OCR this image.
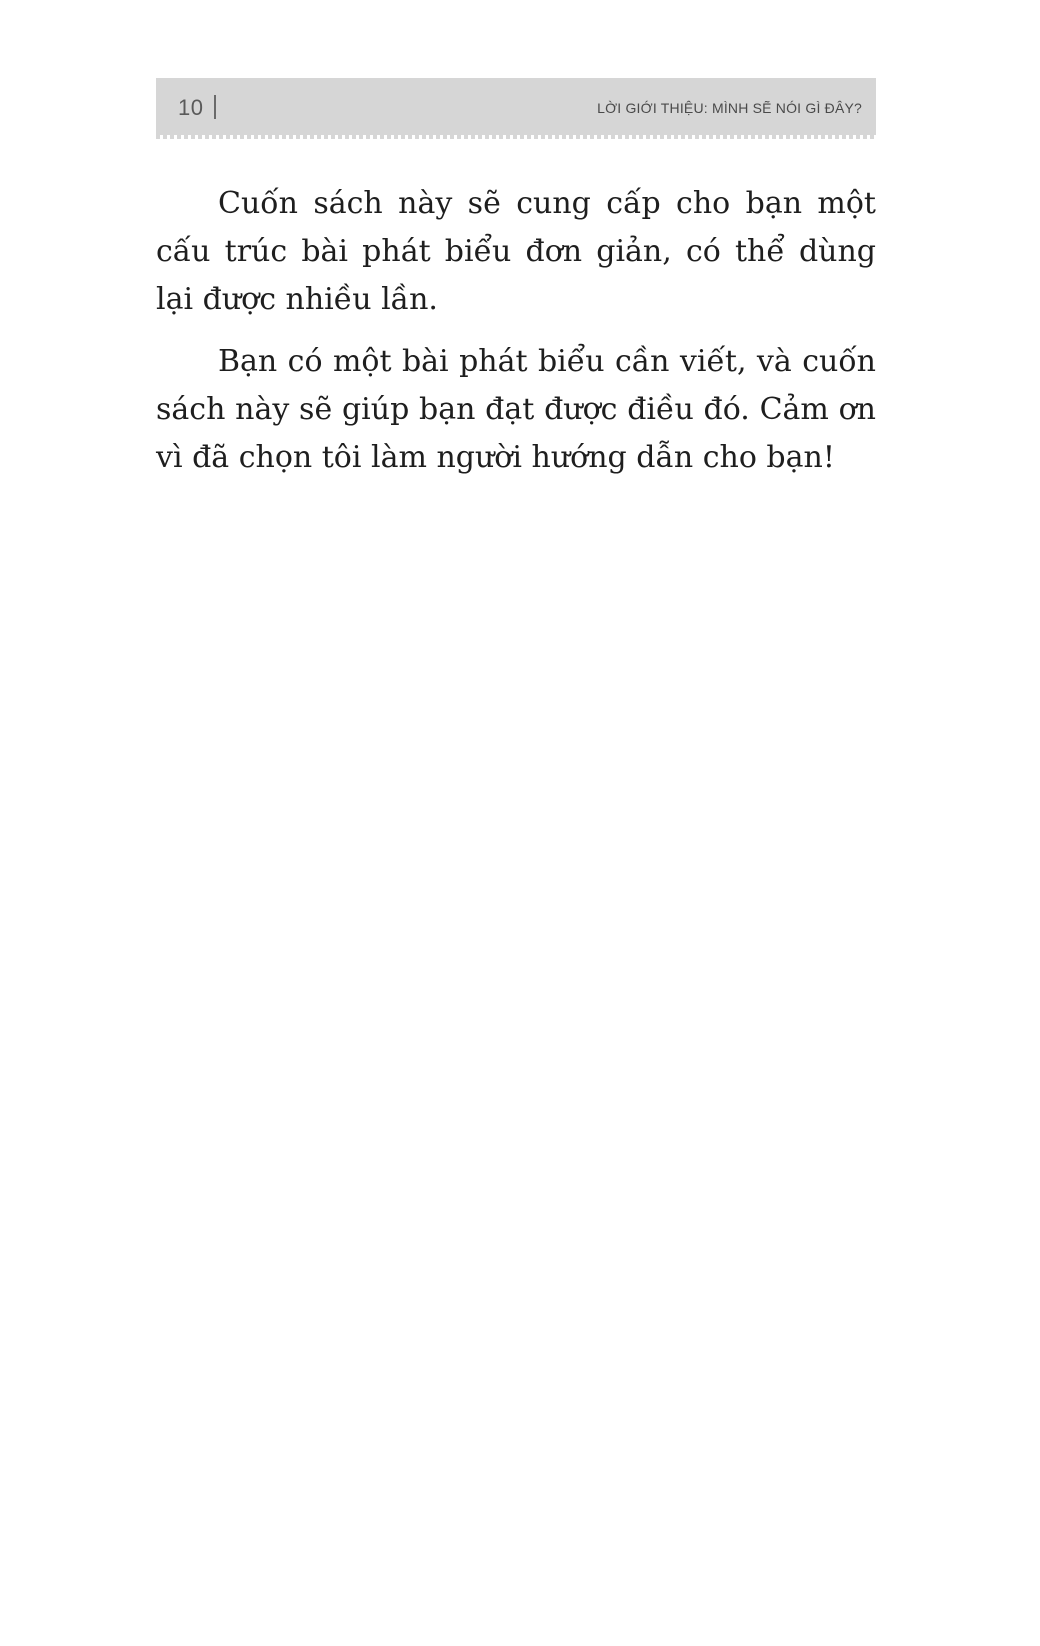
10	LỜI GIỚI THIỆU: MÌNH SẼ NÓI GÌ ĐÂY?

Cuốn sách này sẽ cung cấp cho bạn một cấu trúc bài phát biểu đơn giản, có thể dùng lại được nhiều lần.

Bạn có một bài phát biểu cần viết, và cuốn sách này sẽ giúp bạn đạt được điều đó. Cảm ơn vì đã chọn tôi làm người hướng dẫn cho bạn!
